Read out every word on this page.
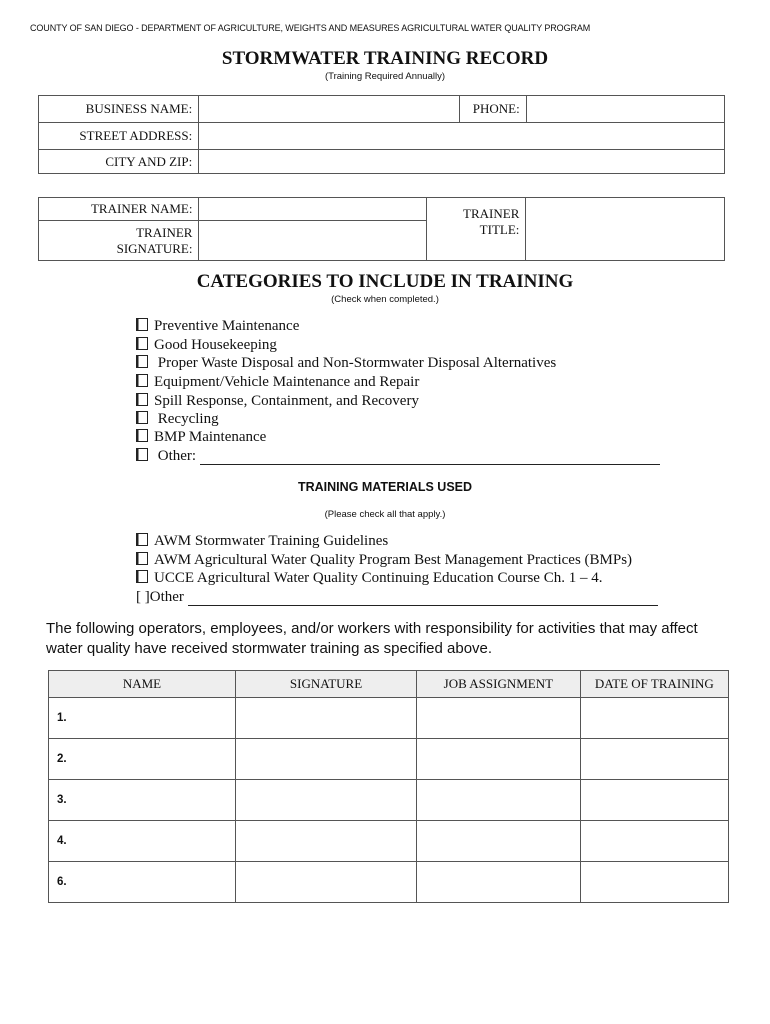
COUNTY OF SAN DIEGO - DEPARTMENT OF AGRICULTURE, WEIGHTS AND MEASURES AGRICULTURAL WATER QUALITY PROGRAM
STORMWATER TRAINING RECORD
(Training Required Annually)
BUSINESS NAME:		PHONE:	
STREET ADDRESS:			
CITY AND ZIP:			
TRAINER NAME:		TRAINER
TITLE:	
TRAINER
SIGNATURE:			
CATEGORIES TO INCLUDE IN TRAINING
(Check when completed.)
Preventive Maintenance
Good Housekeeping
Proper Waste Disposal and Non-Stormwater Disposal Alternatives
Equipment/Vehicle Maintenance and Repair
Spill Response, Containment, and Recovery
Recycling
BMP Maintenance
Other:
TRAINING MATERIALS USED
(Please check all that apply.)
AWM Stormwater Training Guidelines
AWM Agricultural Water Quality Program Best Management Practices (BMPs)
UCCE Agricultural Water Quality Continuing Education Course Ch. 1 – 4.
[ ]Other
The following operators, employees, and/or workers with responsibility for activities that may affect water quality have received stormwater training as specified above.
NAME	SIGNATURE	JOB ASSIGNMENT	DATE OF TRAINING
1.			
2.			
3.			
4.			
6.			
